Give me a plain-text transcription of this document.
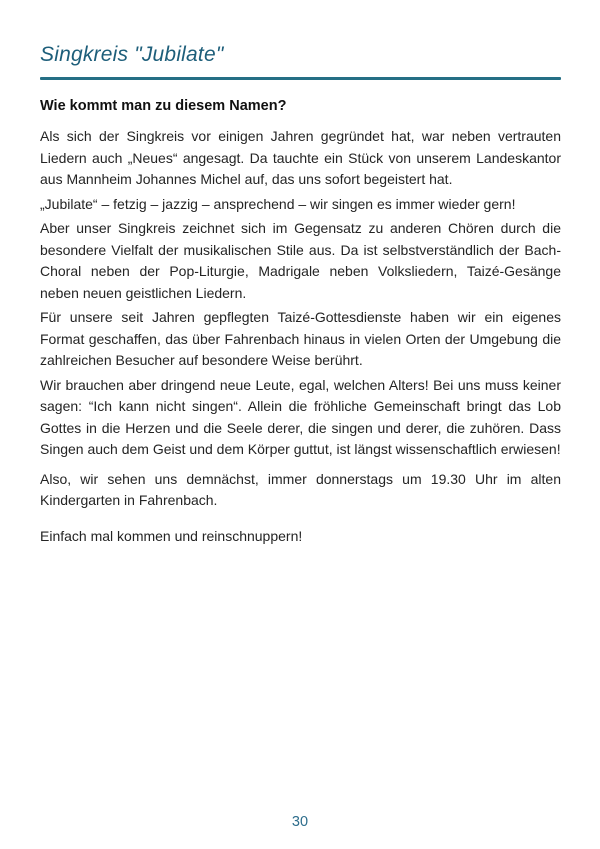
Singkreis "Jubilate"
Wie kommt man zu diesem Namen?

Als sich der Singkreis vor einigen Jahren gegründet hat, war neben vertrauten Liedern auch „Neues“ angesagt. Da tauchte ein Stück von unserem Landeskantor aus Mannheim Johannes Michel auf, das uns sofort begeistert hat.

„Jubilate“ – fetzig – jazzig – ansprechend – wir singen es immer wieder gern!

Aber unser Singkreis zeichnet sich im Gegensatz zu anderen Chören durch die besondere Vielfalt der musikalischen Stile aus. Da ist selbstverständlich der Bach-Choral neben der Pop-Liturgie, Madrigale neben Volksliedern, Taizé-Gesänge neben neuen geistlichen Liedern.

Für unsere seit Jahren gepflegten Taizé-Gottesdienste haben wir ein eigenes Format geschaffen, das über Fahrenbach hinaus in vielen Orten der Umgebung die zahlreichen Besucher auf besondere Weise berührt.

Wir brauchen aber dringend neue Leute, egal, welchen Alters! Bei uns muss keiner sagen: “Ich kann nicht singen“. Allein die fröhliche Gemeinschaft bringt das Lob Gottes in die Herzen und die Seele derer, die singen und derer, die zuhören. Dass Singen auch dem Geist und dem Körper guttut, ist längst wissenschaftlich erwiesen!

Also, wir sehen uns demnächst, immer donnerstags um 19.30 Uhr im alten Kindergarten in Fahrenbach.

Einfach mal kommen und reinschnuppern!

30
